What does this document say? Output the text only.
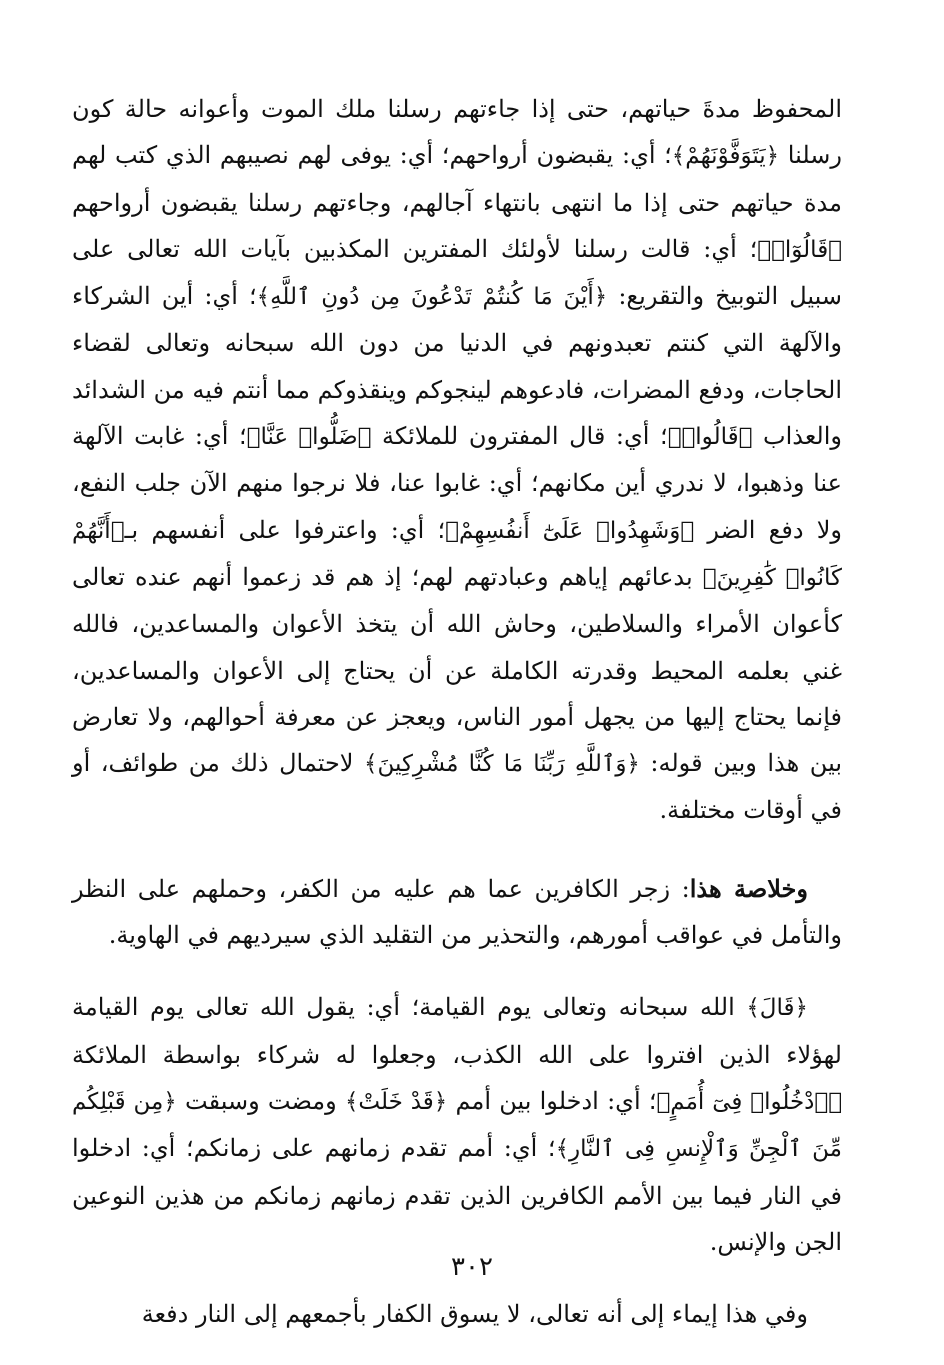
المحفوظ مدةَ حياتهم، حتى إذا جاءتهم رسلنا ملك الموت وأعوانه حالة كون رسلنا ﴿يَتَوَفَّوْنَهُمْ﴾؛ أي: يقبضون أرواحهم؛ أي: يوفى لهم نصيبهم الذي كتب لهم مدة حياتهم حتى إذا ما انتهى بانتهاء آجالهم، وجاءتهم رسلنا يقبضون أرواحهم ﴿قَالُوٓا۟﴾؛ أي: قالت رسلنا لأولئك المفترين المكذبين بآيات الله تعالى على سبيل التوبيخ والتقريع: ﴿أَيْنَ مَا كُنتُمْ تَدْعُونَ مِن دُونِ ٱللَّهِ﴾؛ أي: أين الشركاء والآلهة التي كنتم تعبدونهم في الدنيا من دون الله سبحانه وتعالى لقضاء الحاجات، ودفع المضرات، فادعوهم لينجوكم وينقذوكم مما أنتم فيه من الشدائد والعذاب ﴿قَالُوا۟﴾؛ أي: قال المفترون للملائكة ﴿ضَلُّوا۟ عَنَّا﴾؛ أي: غابت الآلهة عنا وذهبوا، لا ندري أين مكانهم؛ أي: غابوا عنا، فلا نرجوا منهم الآن جلب النفع، ولا دفع الضر ﴿وَشَهِدُوا۟ عَلَىٰٓ أَنفُسِهِمْ﴾؛ أي: واعترفوا على أنفسهم بـ﴿أَنَّهُمْ كَانُوا۟ كَٰفِرِينَ﴾ بدعائهم إياهم وعبادتهم لهم؛ إذ هم قد زعموا أنهم عنده تعالى كأعوان الأمراء والسلاطين، وحاش الله أن يتخذ الأعوان والمساعدين، فالله غني بعلمه المحيط وقدرته الكاملة عن أن يحتاج إلى الأعوان والمساعدين، فإنما يحتاج إليها من يجهل أمور الناس، ويعجز عن معرفة أحوالهم، ولا تعارض بين هذا وبين قوله: ﴿وَٱللَّهِ رَبِّنَا مَا كُنَّا مُشْرِكِينَ﴾ لاحتمال ذلك من طوائف، أو في أوقات مختلفة.

وخلاصة هذا: زجر الكافرين عما هم عليه من الكفر، وحملهم على النظر والتأمل في عواقب أمورهم، والتحذير من التقليد الذي سيرديهم في الهاوية.

﴿قَالَ﴾ الله سبحانه وتعالى يوم القيامة؛ أي: يقول الله تعالى يوم القيامة لهؤلاء الذين افتروا على الله الكذب، وجعلوا له شركاء بواسطة الملائكة ﴿ٱدْخُلُوا۟ فِىٓ أُمَمٍ﴾؛ أي: ادخلوا بين أمم ﴿قَدْ خَلَتْ﴾ ومضت وسبقت ﴿مِن قَبْلِكُم مِّنَ ٱلْجِنِّ وَٱلْإِنسِ فِى ٱلنَّارِ﴾؛ أي: أمم تقدم زمانهم على زمانكم؛ أي: ادخلوا في النار فيما بين الأمم الكافرين الذين تقدم زمانهم زمانكم من هذين النوعين الجن والإنس.

وفي هذا إيماء إلى أنه تعالى، لا يسوق الكفار بأجمعهم إلى النار دفعة

٣٠٢
